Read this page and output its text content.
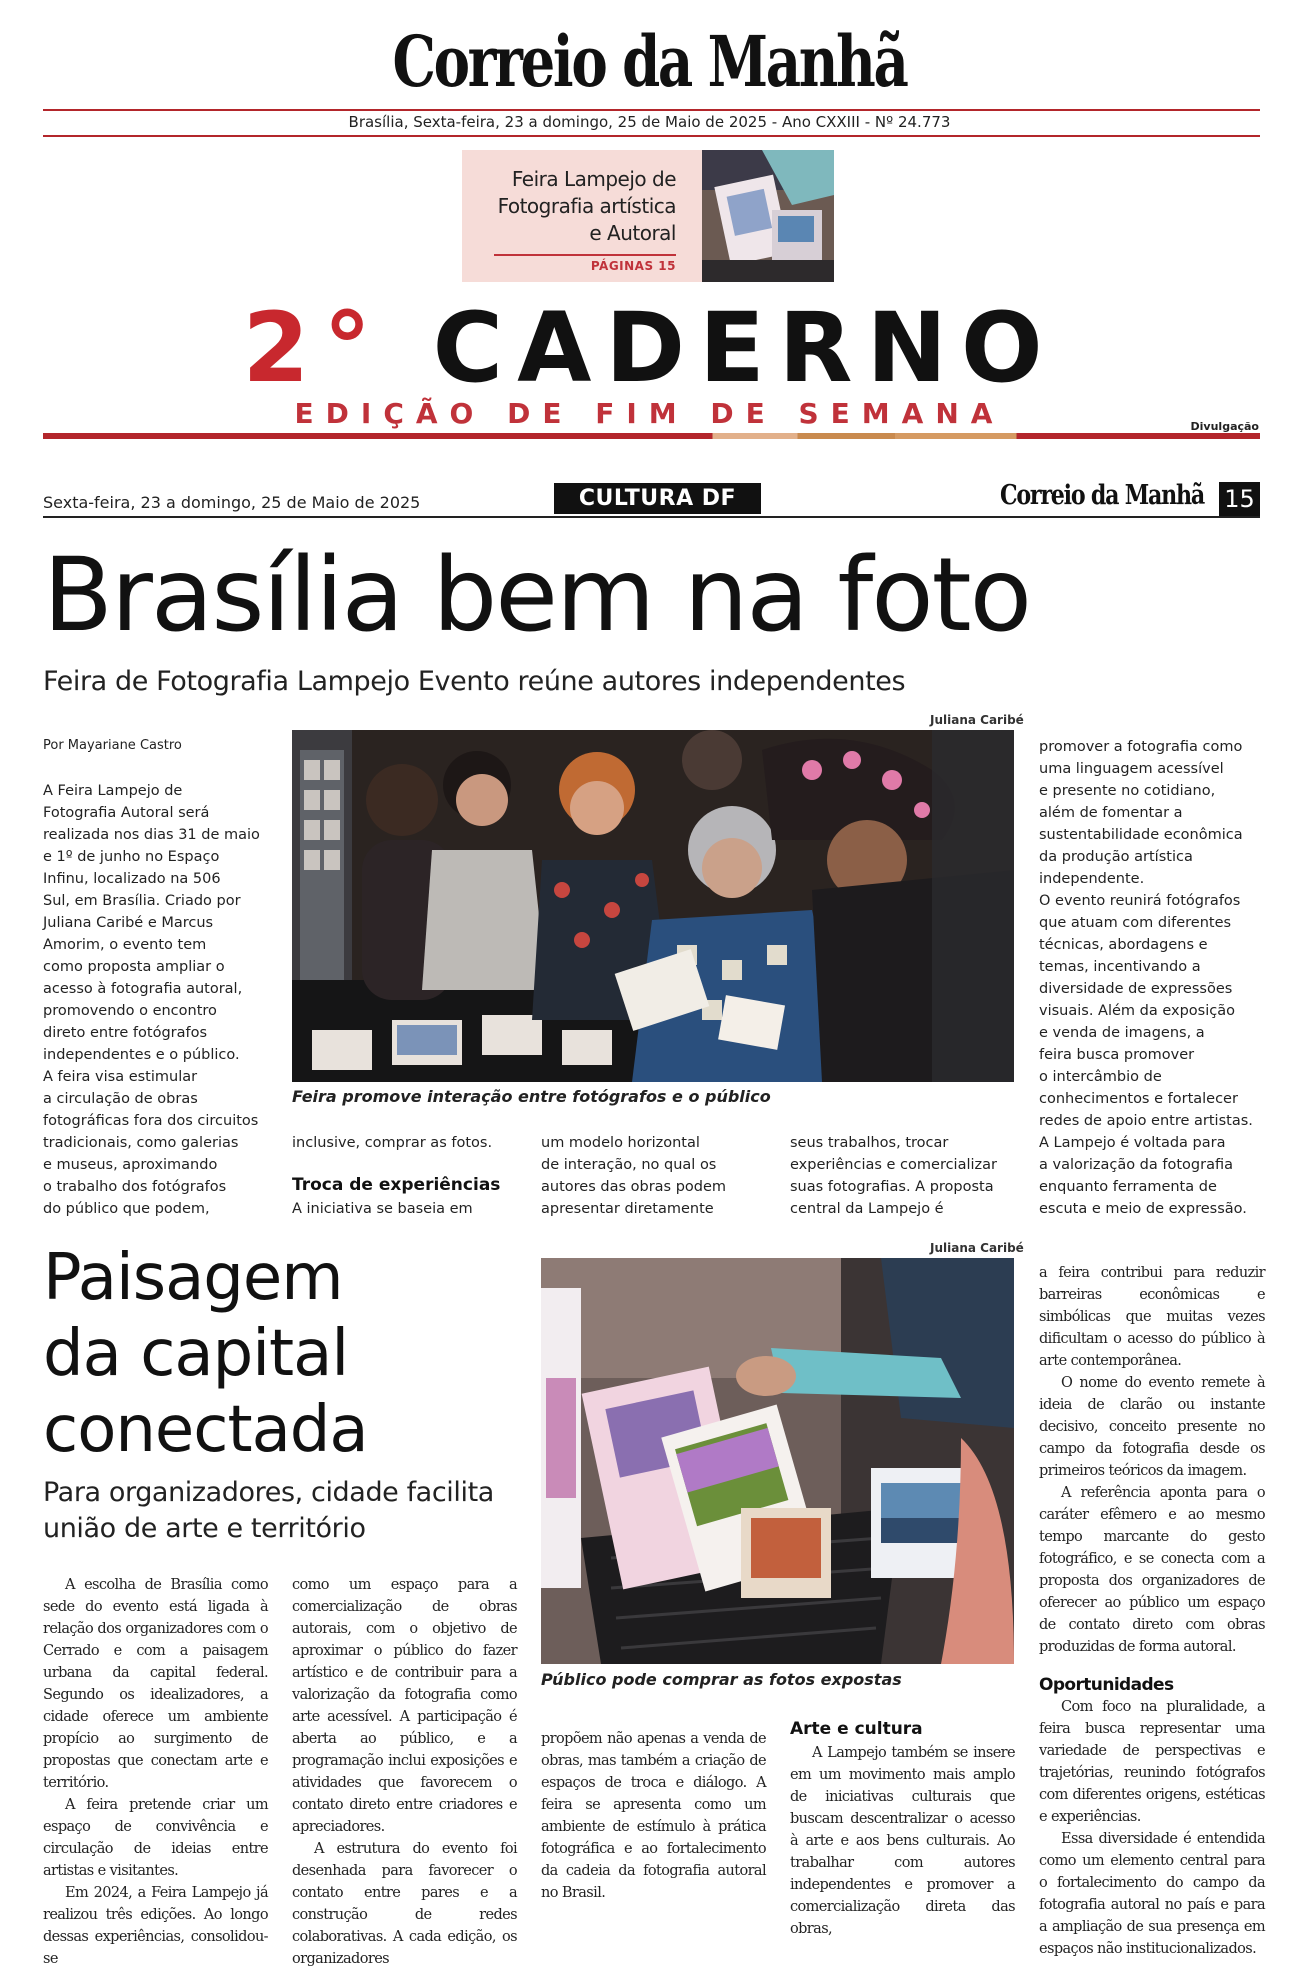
Correio da Manhã
Brasília, Sexta-feira, 23 a domingo, 25 de Maio de 2025 - Ano CXXIII - Nº 24.773
Feira Lampejo de
Fotografia artística
e Autoral
PÁGINAS 15
2° CADERNO
EDIÇÃO DE FIM DE SEMANA	Divulgação
Sexta-feira, 23 a domingo, 25 de Maio de 2025	CULTURA DF	Correio da Manhã 15
Brasília bem na foto
Feira de Fotografia Lampejo Evento reúne autores independentes
Por Mayariane Castro
A Feira Lampejo de
Fotografia Autoral será
realizada nos dias 31 de maio
e 1º de junho no Espaço
Infinu, localizado na 506
Sul, em Brasília. Criado por
Juliana Caribé e Marcus
Amorim, o evento tem
como proposta ampliar o
acesso à fotografia autoral,
promovendo o encontro
direto entre fotógrafos
independentes e o público.
A feira visa estimular
a circulação de obras
fotográficas fora dos circuitos
tradicionais, como galerias
e museus, aproximando
o trabalho dos fotógrafos
do público que podem,
Juliana Caribé
Feira promove interação entre fotógrafos e o público
inclusive, comprar as fotos.
Troca de experiências
A iniciativa se baseia em
um modelo horizontal
de interação, no qual os
autores das obras podem
apresentar diretamente
seus trabalhos, trocar
experiências e comercializar
suas fotografias. A proposta
central da Lampejo é
promover a fotografia como
uma linguagem acessível
e presente no cotidiano,
além de fomentar a
sustentabilidade econômica
da produção artística
independente.
O evento reunirá fotógrafos
que atuam com diferentes
técnicas, abordagens e
temas, incentivando a
diversidade de expressões
visuais. Além da exposição
e venda de imagens, a
feira busca promover
o intercâmbio de
conhecimentos e fortalecer
redes de apoio entre artistas.
A Lampejo é voltada para
a valorização da fotografia
enquanto ferramenta de
escuta e meio de expressão.
Paisagem
da capital
conectada
Para organizadores, cidade facilita
união de arte e território
Juliana Caribé
Público pode comprar as fotos expostas

A escolha de Brasília como sede do evento está ligada à relação dos organizadores com o Cerrado e com a paisagem urbana da capital federal. Segundo os idealizadores, a cidade oferece um ambiente propício ao surgimento de propostas que conectam arte e território.

A feira pretende criar um espaço de convivência e circulação de ideias entre artistas e visitantes.

Em 2024, a Feira Lampejo já realizou três edições. Ao longo dessas experiências, consolidou-se

como um espaço para a comercialização de obras autorais, com o objetivo de aproximar o público do fazer artístico e de contribuir para a valorização da fotografia como arte acessível. A participação é aberta ao público, e a programação inclui exposições e atividades que favorecem o contato direto entre criadores e apreciadores.

A estrutura do evento foi desenhada para favorecer o contato entre pares e a construção de redes colaborativas. A cada edição, os organizadores

propõem não apenas a venda de obras, mas também a criação de espaços de troca e diálogo. A feira se apresenta como um ambiente de estímulo à prática fotográfica e ao fortalecimento da cadeia da fotografia autoral no Brasil.

Arte e cultura

A Lampejo também se insere em um movimento mais amplo de iniciativas culturais que buscam descentralizar o acesso à arte e aos bens culturais. Ao trabalhar com autores independentes e promover a comercialização direta das obras,

a feira contribui para reduzir barreiras econômicas e simbólicas que muitas vezes dificultam o acesso do público à arte contemporânea.

O nome do evento remete à ideia de clarão ou instante decisivo, conceito presente no campo da fotografia desde os primeiros teóricos da imagem.

A referência aponta para o caráter efêmero e ao mesmo tempo marcante do gesto fotográfico, e se conecta com a proposta dos organizadores de oferecer ao público um espaço de contato direto com obras produzidas de forma autoral.

Oportunidades

Com foco na pluralidade, a feira busca representar uma variedade de perspectivas e trajetórias, reunindo fotógrafos com diferentes origens, estéticas e experiências.

Essa diversidade é entendida como um elemento central para o fortalecimento do campo da fotografia autoral no país e para a ampliação de sua presença em espaços não institucionalizados.
